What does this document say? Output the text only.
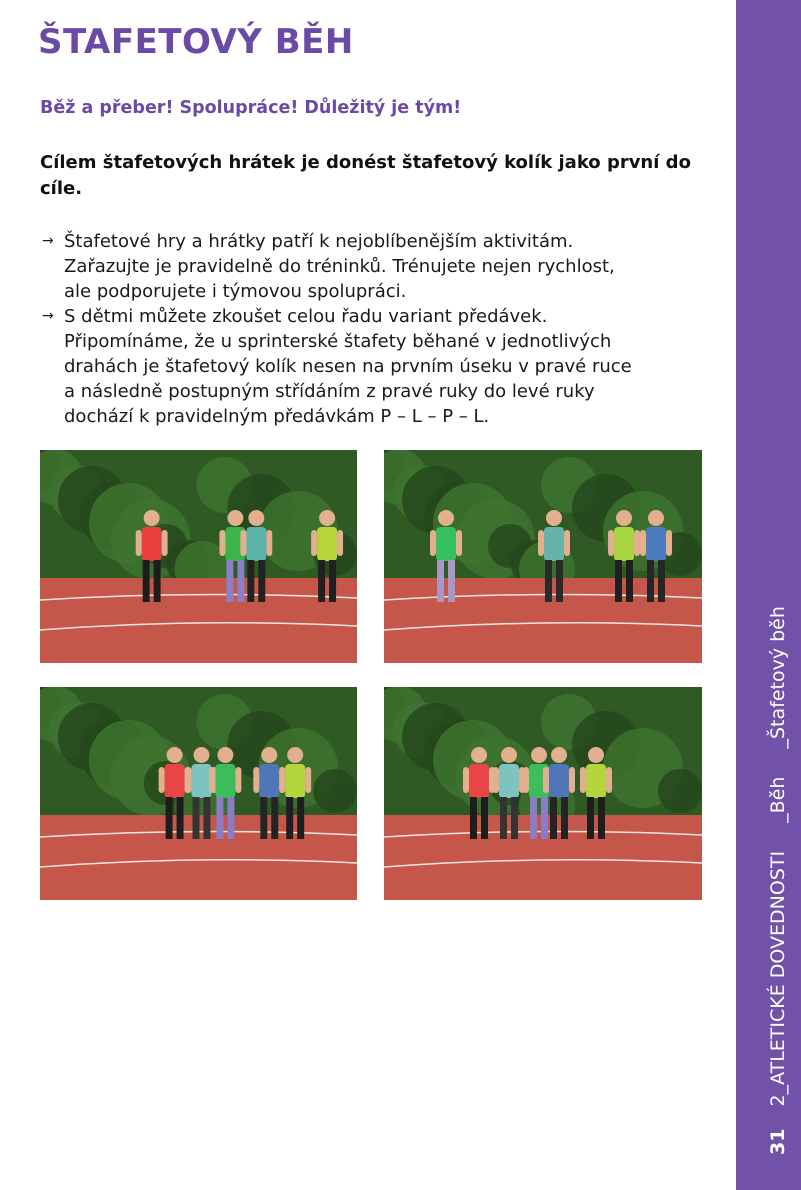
ŠTAFETOVÝ BĚH
Běž a přeber! Spolupráce! Důležitý je tým!

Cílem štafetových hrátek je donést štafetový kolík jako první do cíle.

→ Štafetové hry a hrátky patří k nejoblíbenějším aktivitám.
Zařazujte je pravidelně do tréninků. Trénujete nejen rychlost,
ale podporujete i týmovou spolupráci.
→ S dětmi můžete zkoušet celou řadu variant předávek.
Připomínáme, že u sprinterské štafety běhané v jednotlivých
drahách je štafetový kolík nesen na prvním úseku v pravé ruce
a následně postupným střídáním z pravé ruky do levé ruky
dochází k pravidelným předávkám P – L – P – L.
31 2_ATLETICKÉ DOVEDNOSTI _Běh _Štafetový běh
